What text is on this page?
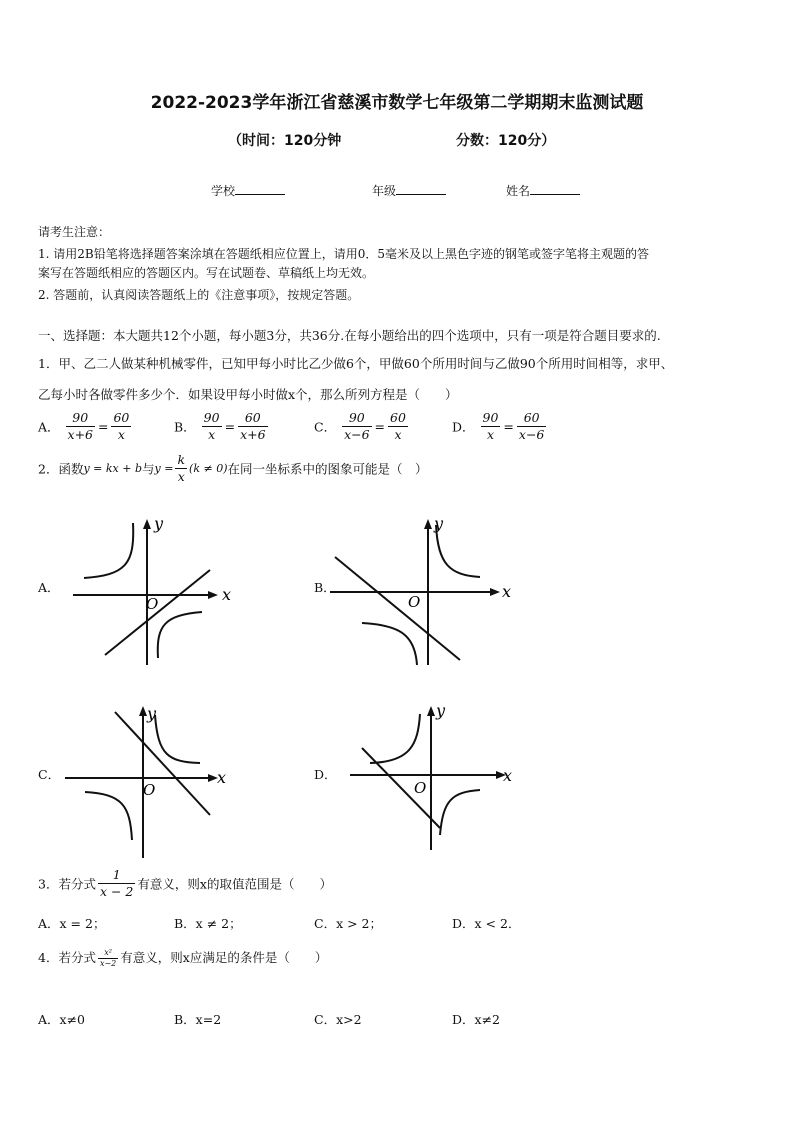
2022-2023学年浙江省慈溪市数学七年级第二学期期末监测试题
（时间：120分钟	分数：120分）
学校	年级	姓名
请考生注意：
1. 请用2B铅笔将选择题答案涂填在答题纸相应位置上，请用0．5毫米及以上黑色字迹的钢笔或签字笔将主观题的答
案写在答题纸相应的答题区内。写在试题卷、草稿纸上均无效。
2. 答题前，认真阅读答题纸上的《注意事项》，按规定答题。
一、选择题：本大题共12个小题，每小题3分，共36分.在每小题给出的四个选项中，只有一项是符合题目要求的.
1．甲、乙二人做某种机械零件，已知甲每小时比乙少做6个，甲做60个所用时间与乙做90个所用时间相等，求甲、
乙每小时各做零件多少个．如果设甲每小时做x个，那么所列方程是（　　）
A． $\frac{90}{x+6} = \frac{60}{x}$	B． $\frac{90}{x} = \frac{60}{x+6}$	C． $\frac{90}{x-6} = \frac{60}{x}$	D． $\frac{90}{x} = \frac{60}{x-6}$
2．函数y = kx + b与$y = \frac{k}{x} (k \ne 0)$在同一坐标系中的图象可能是（　）
A．	x
y
O
B．	x
y
O
C．	x
y
O
D．	x
y
O
3．若分式 $\frac{1}{x - 2}$ 有意义，则x的取值范围是（　　）
A．x = 2；	B．x ≠ 2；	C．x > 2；	D．x < 2．
4．若分式 $\frac{\text{x²}}{x-2}$ 有意义，则x应满足的条件是（　　）
A．x≠0	B．x=2	C．x>2	D．x≠2
